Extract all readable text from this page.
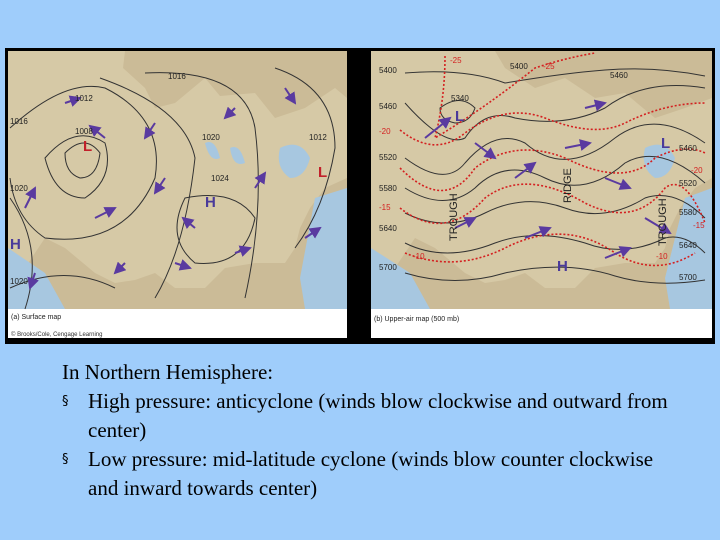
1016
1012
1008
1016
1020
1012
1024
1020
1020
L
L
H
H
(a) Surface map
© Brooks/Cole, Cengage Learning
5400	5400
5460
5460
5340
5520
5460
5520
5580
5580
5640
5640
5700
5700
-25
-25
-20
-20
-15
-15
-10	-10
TROUGH
RIDGE
TROUGH
L
L
H
(b) Upper-air map (500 mb)
In Northern Hemisphere:
§ High pressure: anticyclone (winds blow clockwise and outward from center)
§ Low pressure: mid-latitude cyclone (winds blow counter clockwise and inward towards center)
